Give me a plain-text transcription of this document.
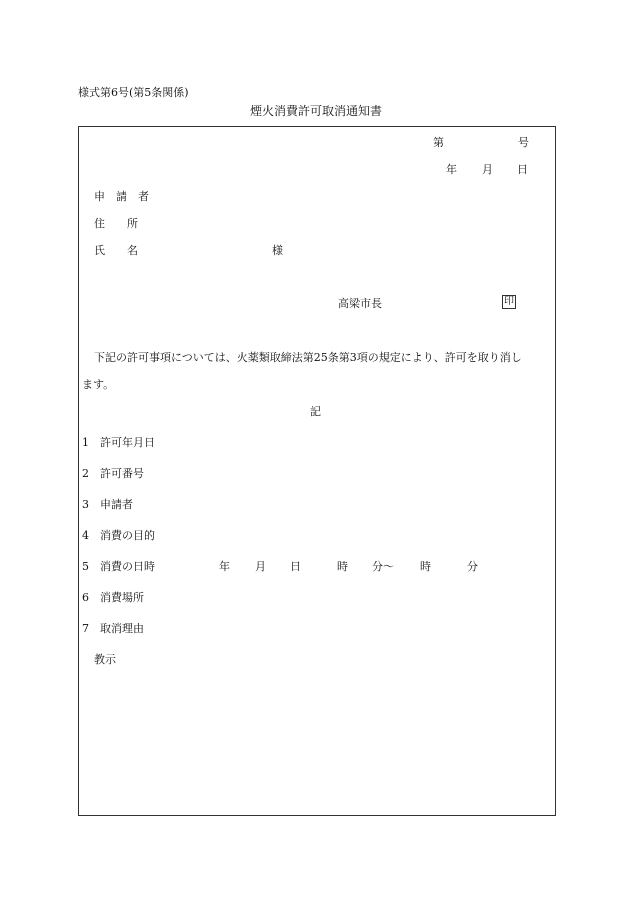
様式第6号(第5条関係)
煙火消費許可取消通知書
第	号
年 月 日
申　請　者
住　　所
氏　　名	様
高梁市長	印
下記の許可事項については、火薬類取締法第25条第3項の規定により、許可を取り消し
ます。
記
1 許可年月日
2 許可番号
3 申請者
4 消費の目的
5 消費の日時	年 月 日	時 分～ 時	分
6 消費場所
7 取消理由
教示
